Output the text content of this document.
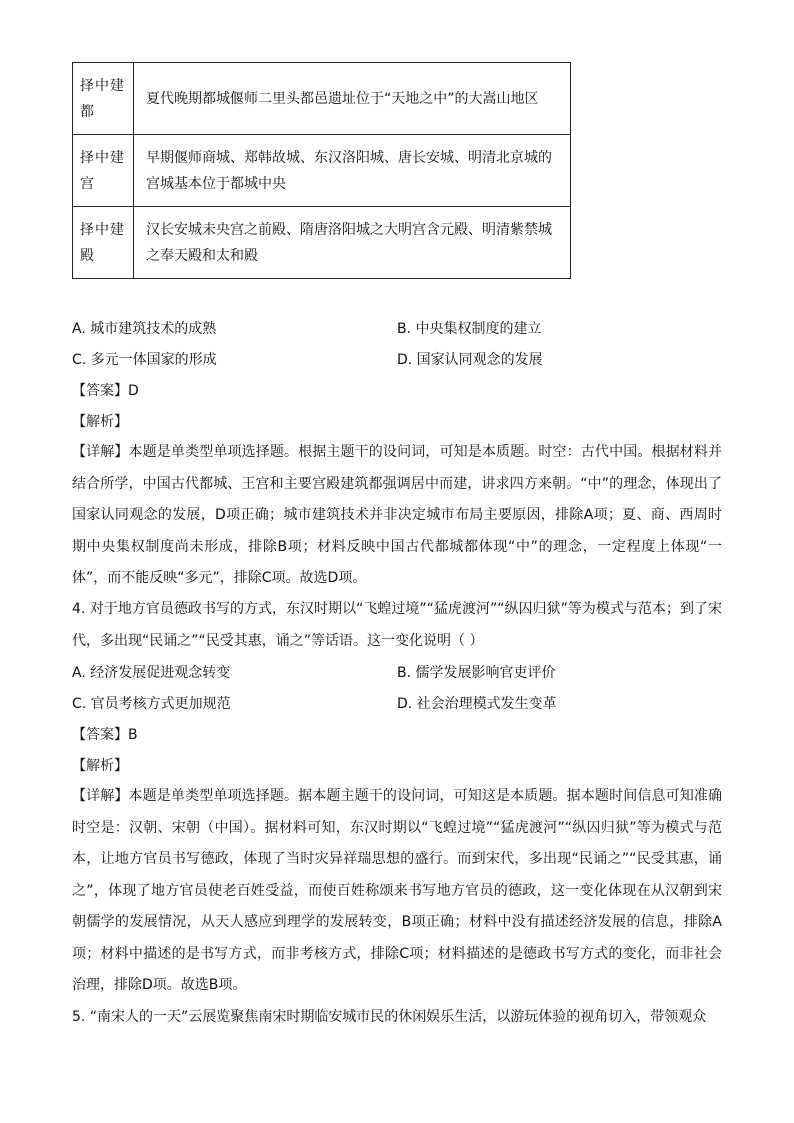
择中建都	夏代晚期都城偃师二里头都邑遗址位于“天地之中”的大嵩山地区
择中建宫	早期偃师商城、郑韩故城、东汉洛阳城、唐长安城、明清北京城的宫城基本位于都城中央
择中建殿	汉长安城未央宫之前殿、隋唐洛阳城之大明宫含元殿、明清紫禁城之奉天殿和太和殿
A. 城市建筑技术的成熟	B. 中央集权制度的建立
C. 多元一体国家的形成	D. 国家认同观念的发展
【答案】D
【解析】
【详解】本题是单类型单项选择题。根据主题干的设问词，可知是本质题。时空：古代中国。根据材料并结合所学，中国古代都城、王宫和主要宫殿建筑都强调居中而建，讲求四方来朝。“中”的理念，体现出了国家认同观念的发展，D项正确；城市建筑技术并非决定城市布局主要原因，排除A项；夏、商、西周时期中央集权制度尚未形成，排除B项；材料反映中国古代都城都体现“中”的理念，一定程度上体现“一体”，而不能反映“多元”，排除C项。故选D项。
4. 对于地方官员德政书写的方式，东汉时期以“飞蝗过境”“猛虎渡河”“纵囚归狱”等为模式与范本；到了宋代，多出现“民诵之”“民受其惠，诵之”等话语。这一变化说明（ ）
A. 经济发展促进观念转变	B. 儒学发展影响官吏评价
C. 官员考核方式更加规范	D. 社会治理模式发生变革
【答案】B
【解析】
【详解】本题是单类型单项选择题。据本题主题干的设问词，可知这是本质题。据本题时间信息可知准确时空是：汉朝、宋朝（中国）。据材料可知，东汉时期以“飞蝗过境”“猛虎渡河”“纵囚归狱”等为模式与范本，让地方官员书写德政，体现了当时灾异祥瑞思想的盛行。而到宋代，多出现“民诵之”“民受其惠，诵之”，体现了地方官员使老百姓受益，而使百姓称颂来书写地方官员的德政，这一变化体现在从汉朝到宋朝儒学的发展情况，从天人感应到理学的发展转变，B项正确；材料中没有描述经济发展的信息，排除A项；材料中描述的是书写方式，而非考核方式，排除C项；材料描述的是德政书写方式的变化，而非社会治理，排除D项。故选B项。
5. “南宋人的一天”云展览聚焦南宋时期临安城市民的休闲娱乐生活，以游玩体验的视角切入，带领观众
